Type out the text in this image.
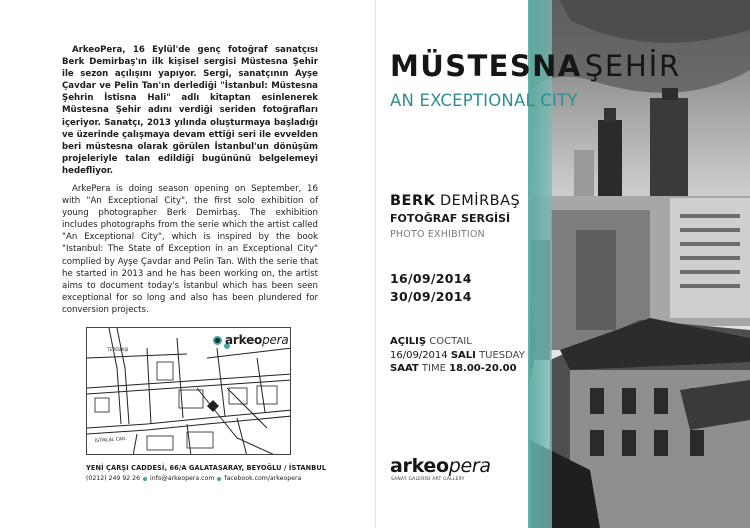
ArkeoPera, 16 Eylül'de genç fotoğraf sanatçısı Berk Demirbaş'ın ilk kişisel sergisi Müstesna Şehir ile sezon açılışını yapıyor. Sergi, sanatçının Ayşe Çavdar ve Pelin Tan'ın derlediği "İstanbul: Müstesna Şehrin İstisna Hali" adlı kitaptan esinlenerek Müstesna Şehir adını verdiği seriden fotoğrafları içeriyor. Sanatçı, 2013 yılında oluşturmaya başladığı ve üzerinde çalışmaya devam ettiği seri ile evvelden beri müstesna olarak görülen İstanbul'un dönüşüm projeleriyle talan edildiği bugününü belgelemeyi hedefliyor.

ArkePera is doing season opening on September, 16 with "An Exceptional City", the first solo exhibition of young photographer Berk Demirbaş. The exhibition includes photographs from the serie which the artist called "An Exceptional City", which is inspired by the book "Istanbul: The State of Exception in an Exceptional City" complied by Ayşe Çavdar and Pelin Tan. With the serie that he started in 2013 and he has been working on, the artist aims to document today's İstanbul which has been seen exceptional for so long and also has been plundered for conversion projects.

arkeopera
İSTİKLAL CAD.
TEPEBAŞI
YENİ ÇARŞI CADDESİ, 66/A GALATASARAY, BEYOĞLU / İSTANBUL
(0212) 249 92 26 info@arkeopera.com facebook.com/arkeopera
MÜSTESNA ŞEHİR
AN EXCEPTIONAL CITY
BERK DEMİRBAŞ
FOTOĞRAF SERGİSİ
PHOTO EXHIBITION
16/09/2014
30/09/2014
AÇILIŞ COCTAIL
16/09/2014 SALI TUESDAY
SAAT TIME 18.00-20.00
arkeopera
SANAT GALERİSİ ART GALLERY
